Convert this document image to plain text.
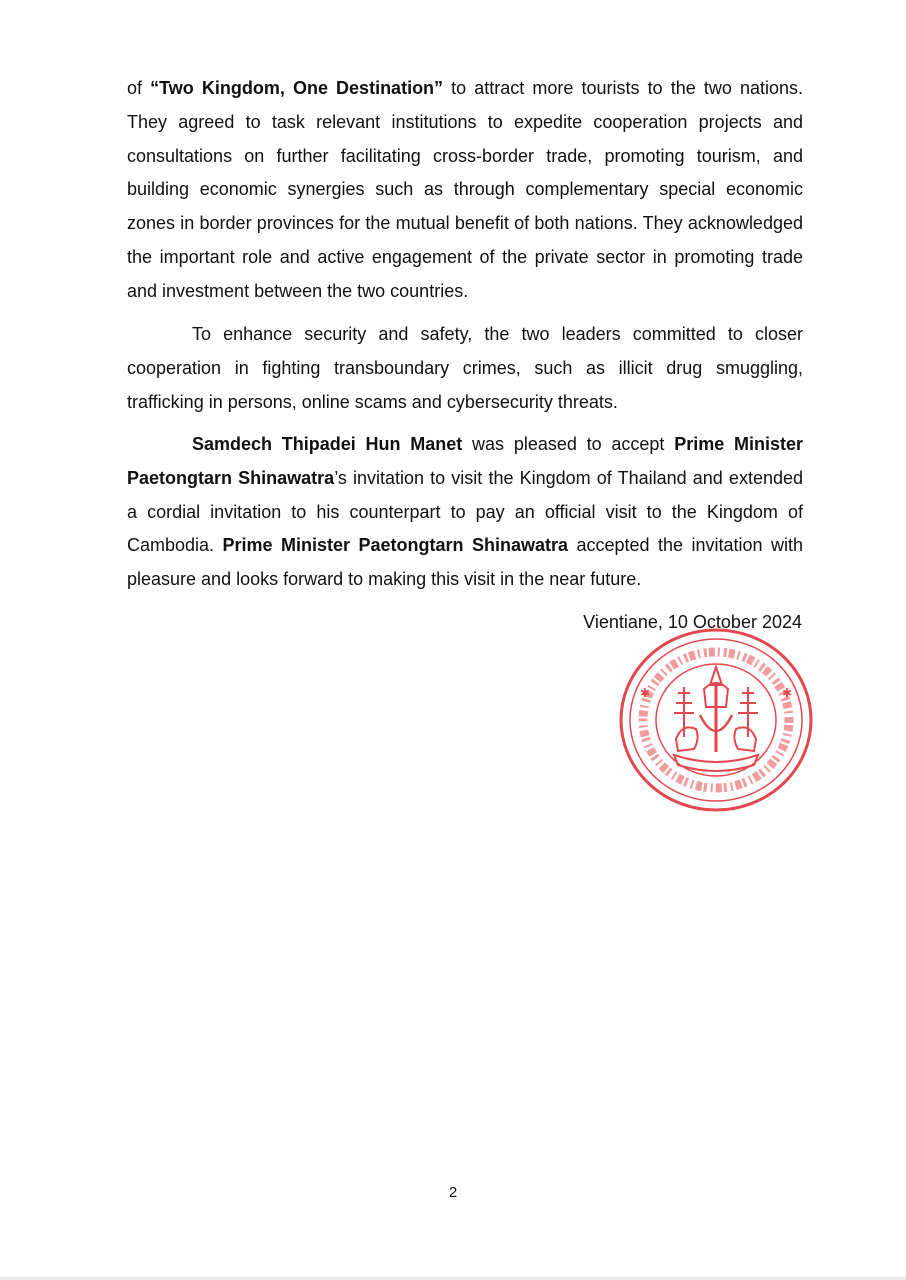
of “Two Kingdom, One Destination” to attract more tourists to the two nations. They agreed to task relevant institutions to expedite cooperation projects and consultations on further facilitating cross-border trade, promoting tourism, and building economic synergies such as through complementary special economic zones in border provinces for the mutual benefit of both nations. They acknowledged the important role and active engagement of the private sector in promoting trade and investment between the two countries.
To enhance security and safety, the two leaders committed to closer cooperation in fighting transboundary crimes, such as illicit drug smuggling, trafficking in persons, online scams and cybersecurity threats.
Samdech Thipadei Hun Manet was pleased to accept Prime Minister Paetongtarn Shinawatra’s invitation to visit the Kingdom of Thailand and extended a cordial invitation to his counterpart to pay an official visit to the Kingdom of Cambodia. Prime Minister Paetongtarn Shinawatra accepted the invitation with pleasure and looks forward to making this visit in the near future.
Vientiane, 10 October 2024
✱	✱
2
